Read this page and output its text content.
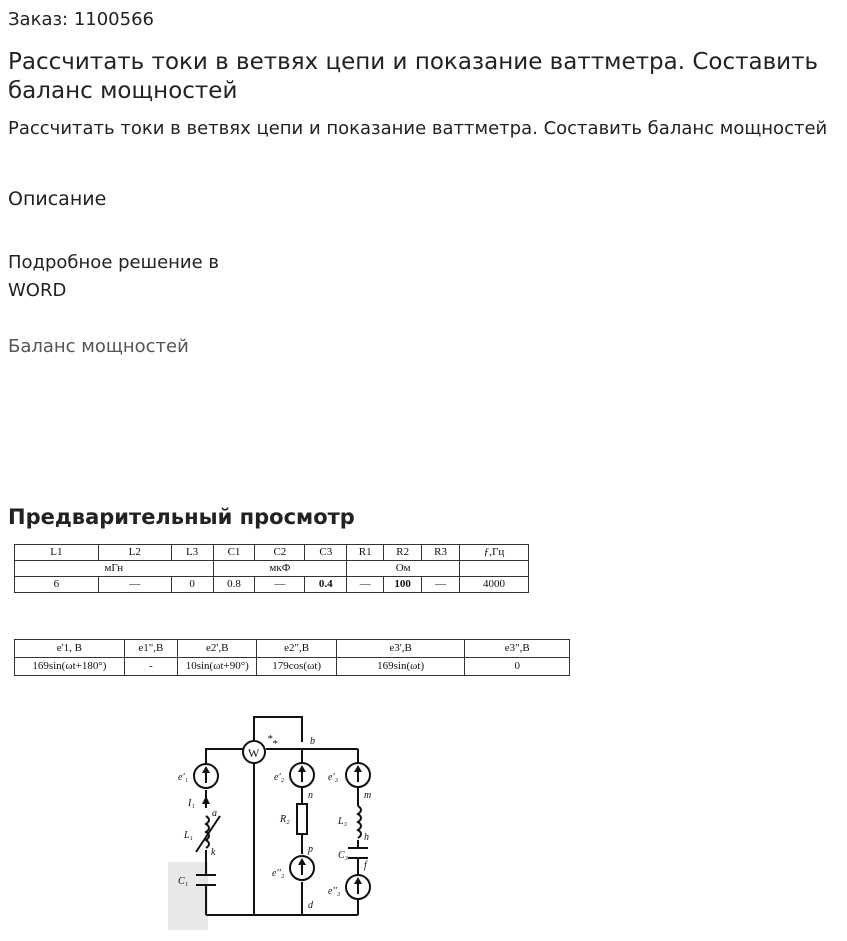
Заказ: 1100566
Рассчитать токи в ветвях цепи и показание ваттметра. Составить баланс мощностей
Рассчитать токи в ветвях цепи и показание ваттметра. Составить баланс мощностей
Описание
Подробное решение в WORD
Баланс мощностей
Предварительный просмотр
L1	L2	L3	C1	C2	C3	R1	R2	R3	ƒ,Гц
мГн			мкФ			Ом			
6	—	0	0.8	—	0.4	—	100	—	4000
e'1, B	e1",B	e2',B	e2",B	e3',B	e3",B
169sin(ωt+180°)	-	10sin(ωt+90°)	179cos(ωt)	169sin(ωt)	0
W
* *
e'₁
I₁
a
L₁
k
C₁
b
e'₂
n
R₂
p
e''₂
d
e'₃
m
L₃
h
C₃
f
e''₃
